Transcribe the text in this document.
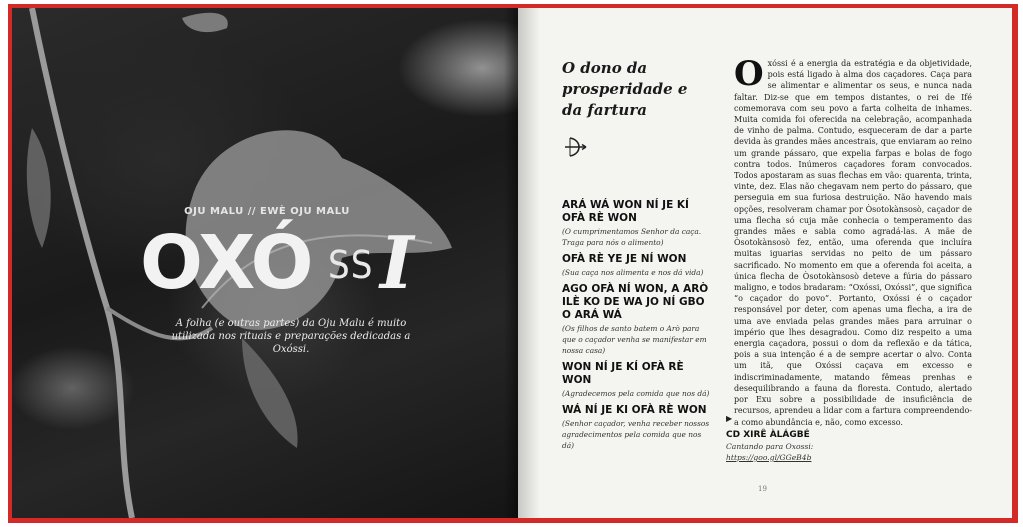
OJU MALU // EWÈ OJU MALU
OXÓ SS I
A folha (e outras partes) da Oju Malu é muito utilizada nos rituais e preparações dedicadas a Oxóssi.
O dono da prosperidade e da fartura

ARÁ WÁ WON NÍ JE KÍ OFÀ RÈ WON

(O cumprimentamos Senhor da caça. Traga para nós o alimento)

OFÀ RÈ YE JE NÍ WON

(Sua caça nos alimenta e nos dá vida)

AGO OFÀ NÍ WON, A ARÒ ILÈ KO DE WA JO NÍ GBO O ARÁ WÁ

(Os filhos de santo batem o Arò para que o caçador venha se manifestar em nossa casa)

WON NÍ JE KÍ OFÀ RÈ WON

(Agradecemos pela comida que nos dá)

WÁ NÍ JE KI OFÀ RÈ WON

(Senhor caçador, venha receber nossos agradecimentos pela comida que nos dá)

Oxóssi é a energia da estratégia e da objetividade, pois está ligado à alma dos caçadores. Caça para se alimentar e alimentar os seus, e nunca nada faltar. Diz-se que em tempos distantes, o rei de Ifé comemorava com seu povo a farta colheita de inhames. Muita comida foi oferecida na celebração, acompanhada de vinho de palma. Contudo, esqueceram de dar a parte devida às grandes mães ancestrais, que enviaram ao reino um grande pássaro, que expelia farpas e bolas de fogo contra todos. Inúmeros caçadores foram convocados. Todos apostaram as suas flechas em vão: quarenta, trinta, vinte, dez. Elas não chegavam nem perto do pássaro, que perseguia em sua furiosa destruição. Não havendo mais opções, resolveram chamar por Òsotokànsosò, caçador de uma flecha só cuja mãe conhecia o temperamento das grandes mães e sabia como agradá-las. A mãe de Òsotokànsosò fez, então, uma oferenda que incluíra muitas iguarias servidas no peito de um pássaro sacrificado. No momento em que a oferenda foi aceita, a única flecha de Òsotokànsosò deteve a fúria do pássaro maligno, e todos bradaram: “Oxóssi, Oxóssi”, que significa “o caçador do povo”. Portanto, Oxóssi é o caçador responsável por deter, com apenas uma flecha, a ira de uma ave enviada pelas grandes mães para arruinar o império que lhes desagradou. Como diz respeito a uma energia caçadora, possui o dom da reflexão e da tática, pois a sua intenção é a de sempre acertar o alvo. Conta um itã, que Oxóssi caçava em excesso e indiscriminadamente, matando fêmeas prenhas e desequilibrando a fauna da floresta. Contudo, alertado por Exu sobre a possibilidade de insuficiência de recursos, aprendeu a lidar com a fartura compreendendo-a como abundância e, não, como excesso.
▶
CD XIRÊ ÀLÁGBÉ
Cantando para Oxossi:
https://goo.gl/GGeB4b
19
